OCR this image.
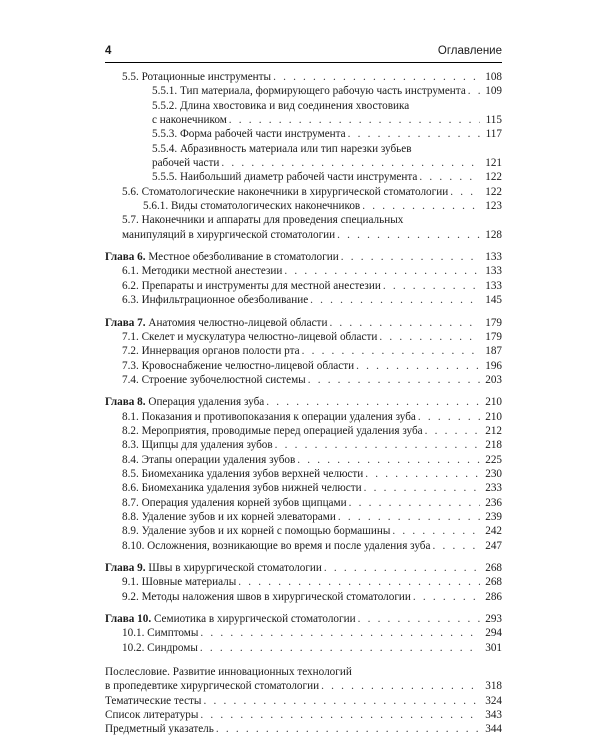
4	Оглавление
5.5. Ротационные инструменты . . .	108
5.5.1. Тип материала, формирующего рабочую часть инструмента . . . 109
5.5.2. Длина хвостовика и вид соединения хвостовика
с наконечником . . .	115
5.5.3. Форма рабочей части инструмента . . .	117
5.5.4. Абразивность материала или тип нарезки зубьев
рабочей части . . .	121
5.5.5. Наибольший диаметр рабочей части инструмента . . .	122
5.6. Стоматологические наконечники в хирургической стоматологии . . .	122
5.6.1. Виды стоматологических наконечников . . .	123
5.7. Наконечники и аппараты для проведения специальных
манипуляций в хирургической стоматологии . . .	128
Глава 6. Местное обезболивание в стоматологии . . .	133
6.1. Методики местной анестезии . . .	133
6.2. Препараты и инструменты для местной анестезии . . .	133
6.3. Инфильтрационное обезболивание . . .	145
Глава 7. Анатомия челюстно-лицевой области . . .	179
7.1. Скелет и мускулатура челюстно-лицевой области . . .	179
7.2. Иннервация органов полости рта . . .	187
7.3. Кровоснабжение челюстно-лицевой области . . .	196
7.4. Строение зубочелюстной системы . . .	203
Глава 8. Операция удаления зуба . . .	210
8.1. Показания и противопоказания к операции удаления зуба . . .	210
8.2. Мероприятия, проводимые перед операцией удаления зуба . . .	212
8.3. Щипцы для удаления зубов . . .	218
8.4. Этапы операции удаления зубов . . .	225
8.5. Биомеханика удаления зубов верхней челюсти . . .	230
8.6. Биомеханика удаления зубов нижней челюсти . . .	233
8.7. Операция удаления корней зубов щипцами . . .	236
8.8. Удаление зубов и их корней элеваторами . . .	239
8.9. Удаление зубов и их корней с помощью бормашины . . .	242
8.10. Осложнения, возникающие во время и после удаления зуба . . .	247
Глава 9. Швы в хирургической стоматологии . . .	268
9.1. Шовные материалы . . .	268
9.2. Методы наложения швов в хирургической стоматологии . . .	286
Глава 10. Семиотика в хирургической стоматологии . . .	293
10.1. Симптомы . . .	294
10.2. Синдромы . . .	301
Послесловие. Развитие инновационных технологий
в пропедевтике хирургической стоматологии . . .	318
Тематические тесты . . .	324
Список литературы . . .	343
Предметный указатель . . .	344
